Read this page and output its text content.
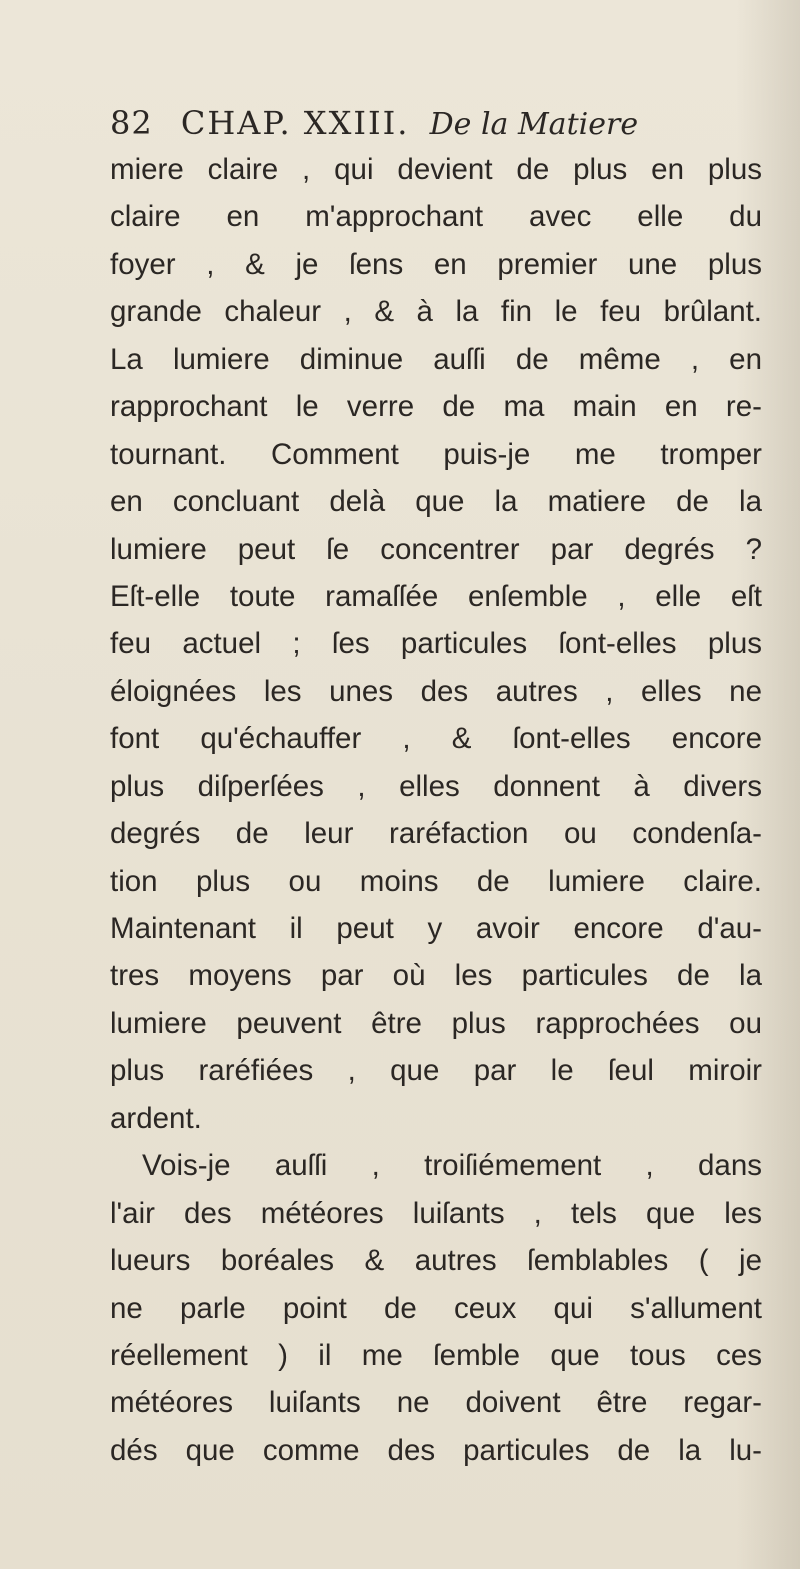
82 CHAP. XXIII. De la Matiere
miere claire , qui devient de plus en plus
claire en m'approchant avec elle du
foyer , & je ſens en premier une plus
grande chaleur , & à la fin le feu brûlant.
La lumiere diminue auſſi de même , en
rapprochant le verre de ma main en re-
tournant. Comment puis-je me tromper
en concluant delà que la matiere de la
lumiere peut ſe concentrer par degrés ?
Eſt-elle toute ramaſſée enſemble , elle eſt
feu actuel ; ſes particules ſont-elles plus
éloignées les unes des autres , elles ne
font qu'échauffer , & ſont-elles encore
plus diſperſées , elles donnent à divers
degrés de leur raréfaction ou condenſa-
tion plus ou moins de lumiere claire.
Maintenant il peut y avoir encore d'au-
tres moyens par où les particules de la
lumiere peuvent être plus rapprochées ou
plus raréfiées , que par le ſeul miroir
ardent.
Vois-je auſſi , troiſiémement , dans
l'air des météores luiſants , tels que les
lueurs boréales & autres ſemblables ( je
ne parle point de ceux qui s'allument
réellement ) il me ſemble que tous ces
météores luiſants ne doivent être regar-
dés que comme des particules de la lu-
